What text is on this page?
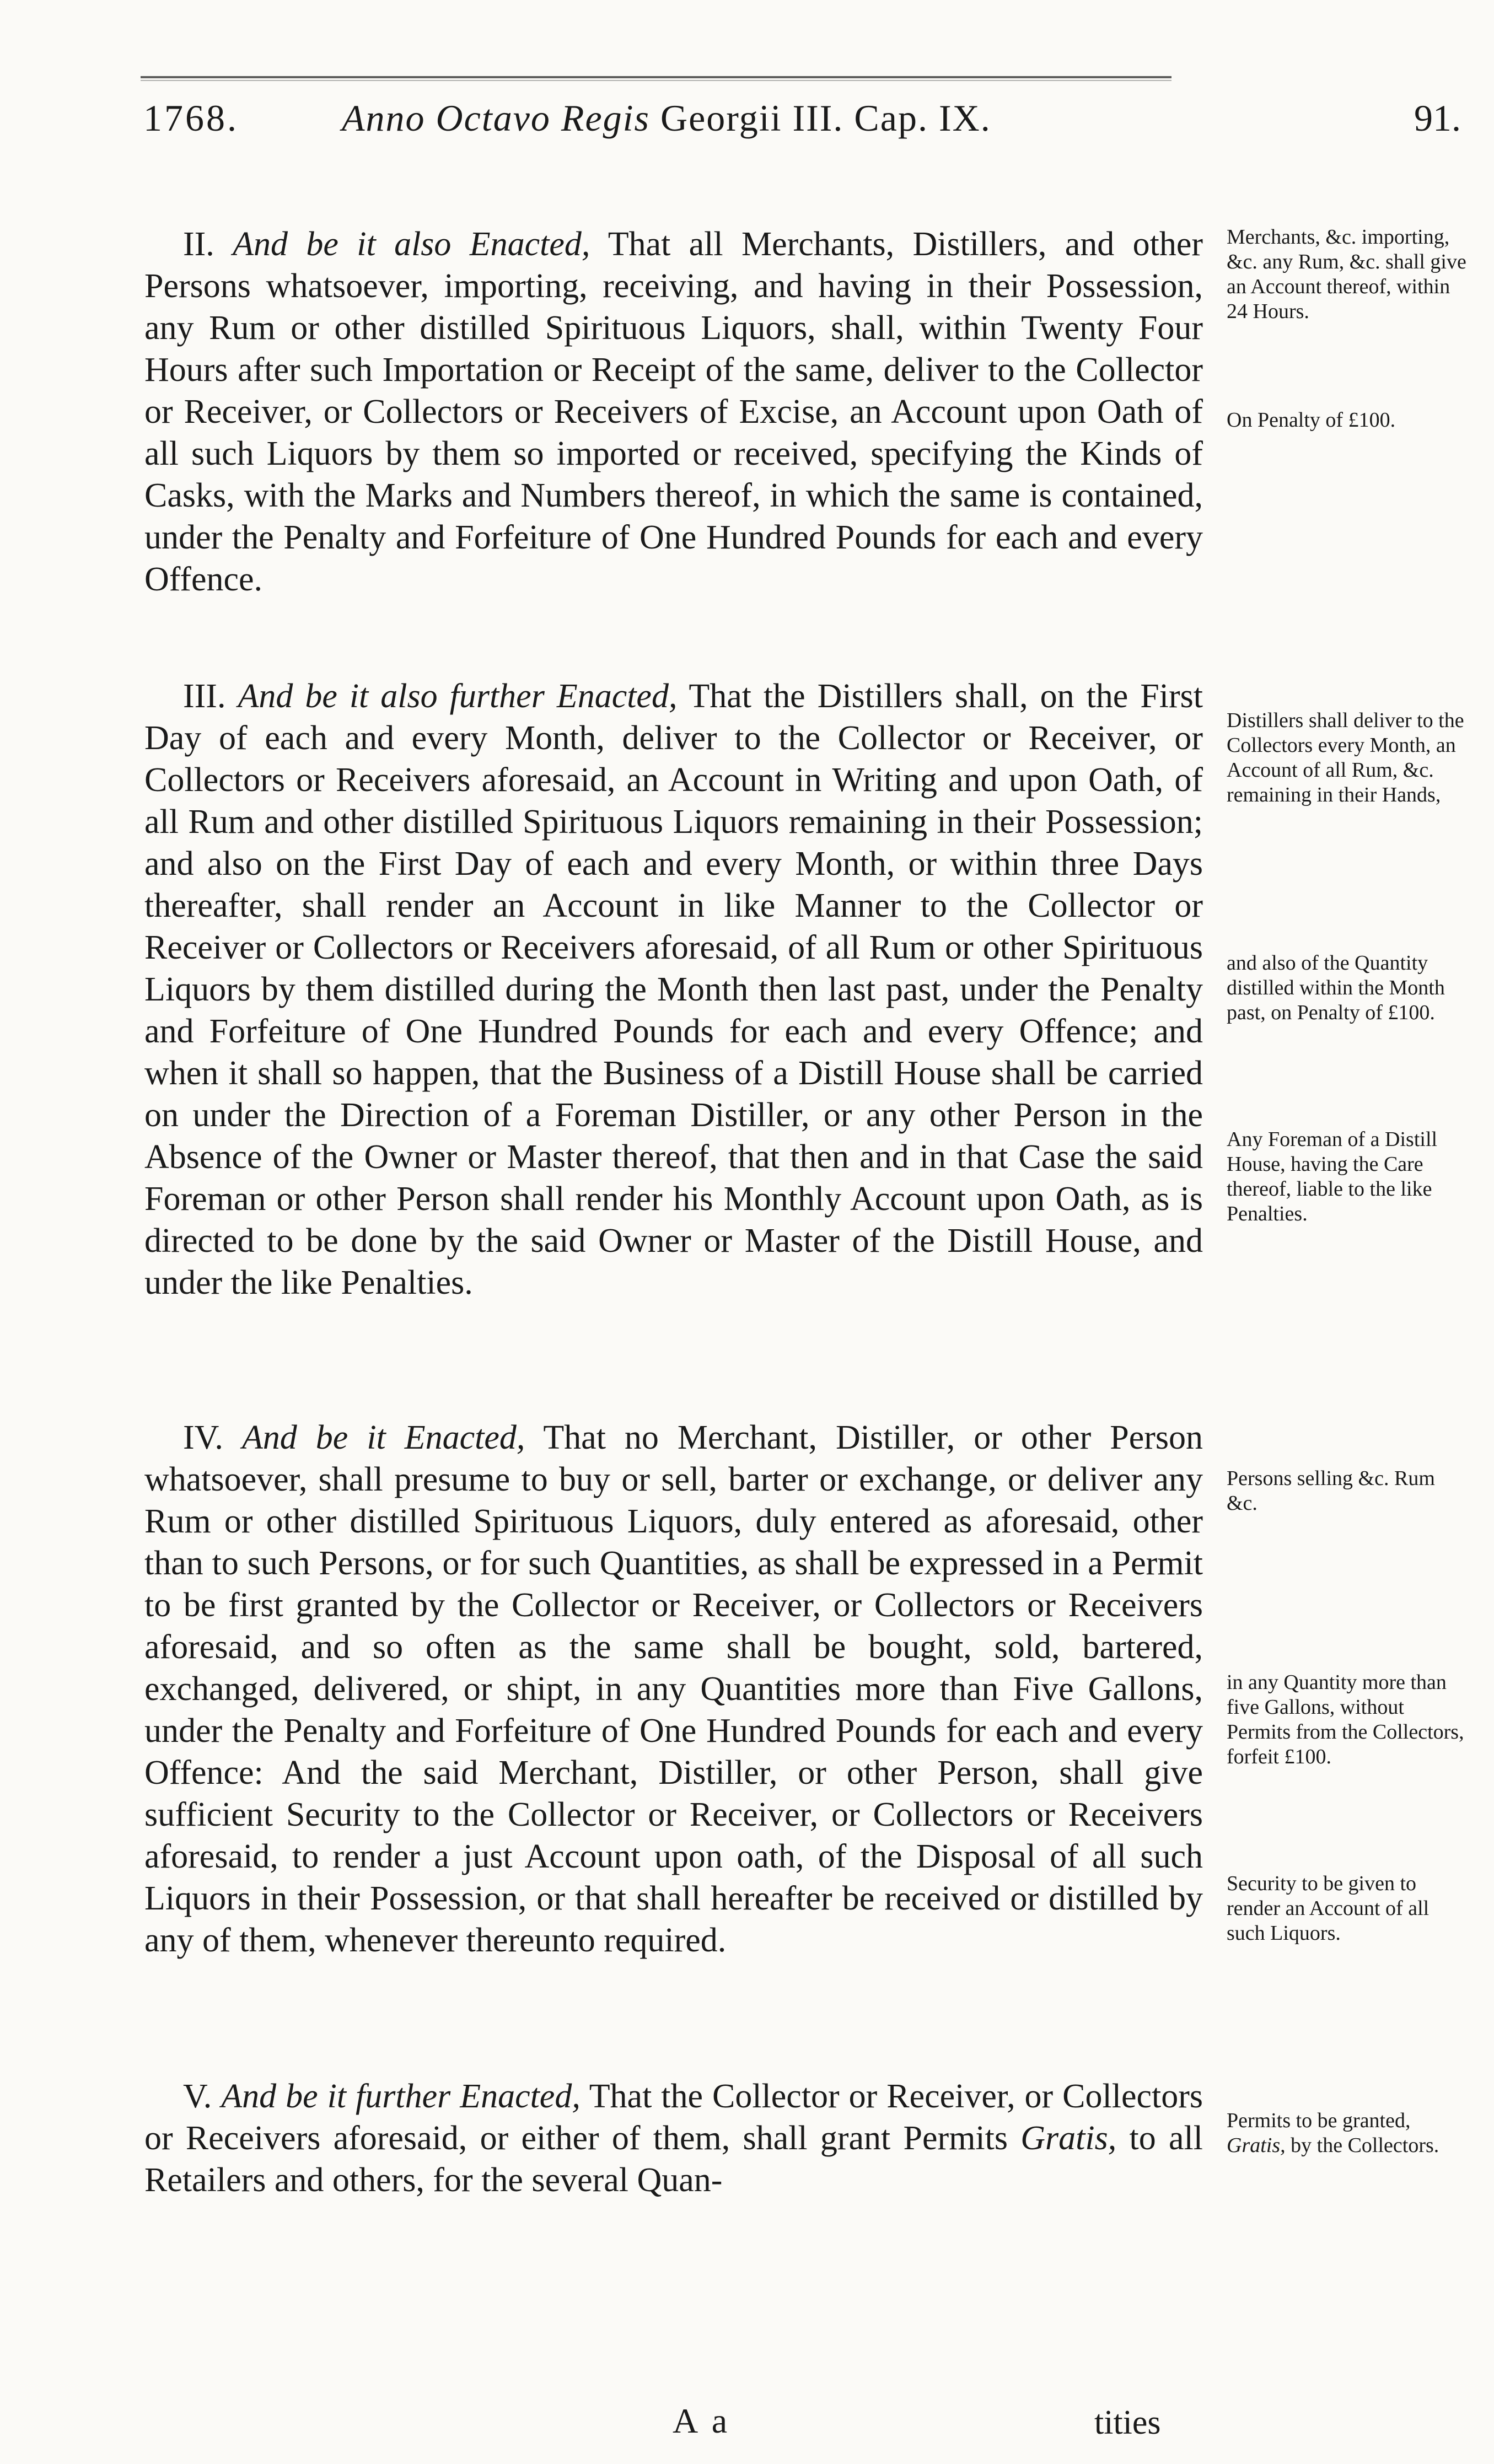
1768.	Anno Octavo Regis Georgii III. Cap. IX.	91.

II. And be it also Enacted, That all Merchants, Distillers, and other Persons whatsoever, importing, receiving, and having in their Possession, any Rum or other distilled Spirituous Liquors, shall, within Twenty Four Hours after such Importation or Receipt of the same, deliver to the Collector or Receiver, or Collectors or Receivers of Excise, an Account upon Oath of all such Liquors by them so imported or received, specifying the Kinds of Casks, with the Marks and Numbers thereof, in which the same is contained, under the Penalty and Forfeiture of One Hundred Pounds for each and every Offence.

III. And be it also further Enacted, That the Distillers shall, on the First Day of each and every Month, deliver to the Collector or Receiver, or Collectors or Receivers aforesaid, an Account in Writing and upon Oath, of all Rum and other distilled Spirituous Liquors remaining in their Possession; and also on the First Day of each and every Month, or within three Days thereafter, shall render an Account in like Manner to the Collector or Receiver or Collectors or Receivers aforesaid, of all Rum or other Spirituous Liquors by them distilled during the Month then last past, under the Penalty and Forfeiture of One Hundred Pounds for each and every Offence; and when it shall so happen, that the Business of a Distill House shall be carried on under the Direction of a Foreman Distiller, or any other Person in the Absence of the Owner or Master thereof, that then and in that Case the said Foreman or other Person shall render his Monthly Account upon Oath, as is directed to be done by the said Owner or Master of the Distill House, and under the like Penalties.

IV. And be it Enacted, That no Merchant, Distiller, or other Person whatsoever, shall presume to buy or sell, barter or exchange, or deliver any Rum or other distilled Spirituous Liquors, duly entered as aforesaid, other than to such Persons, or for such Quantities, as shall be expressed in a Permit to be first granted by the Collector or Receiver, or Collectors or Receivers aforesaid, and so often as the same shall be bought, sold, bartered, exchanged, delivered, or shipt, in any Quantities more than Five Gallons, under the Penalty and Forfeiture of One Hundred Pounds for each and every Offence: And the said Merchant, Distiller, or other Person, shall give sufficient Security to the Collector or Receiver, or Collectors or Receivers aforesaid, to render a just Account upon oath, of the Disposal of all such Liquors in their Possession, or that shall hereafter be received or distilled by any of them, whenever thereunto required.

V. And be it further Enacted, That the Collector or Receiver, or Collectors or Receivers aforesaid, or either of them, shall grant Permits Gratis, to all Retailers and others, for the several Quan-

Merchants, &c. importing, &c. any Rum, &c. shall give an Account thereof, within 24 Hours.
On Penalty of £100.
Distillers shall deliver to the Collectors every Month, an Account of all Rum, &c. remaining in their Hands,
and also of the Quantity distilled within the Month past, on Penalty of £100.
Any Foreman of a Distill House, having the Care thereof, liable to the like Penalties.
Persons selling &c. Rum &c.
in any Quantity more than five Gallons, without Permits from the Collectors, forfeit £100.
Security to be given to render an Account of all such Liquors.
Permits to be granted, Gratis, by the Collectors.
A a	tities
